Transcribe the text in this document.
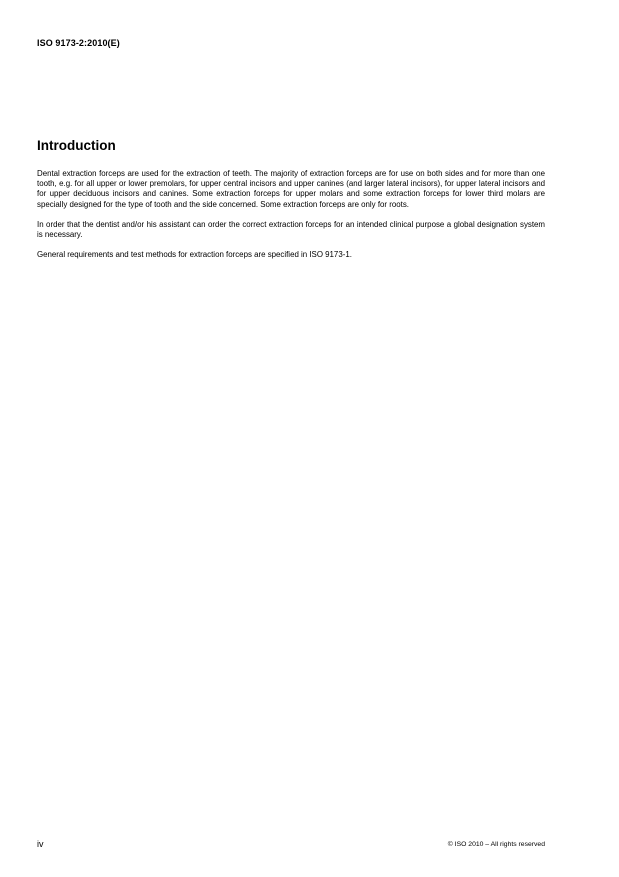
ISO 9173-2:2010(E)
Introduction

Dental extraction forceps are used for the extraction of teeth. The majority of extraction forceps are for use on both sides and for more than one tooth, e.g. for all upper or lower premolars, for upper central incisors and upper canines (and larger lateral incisors), for upper lateral incisors and for upper deciduous incisors and canines. Some extraction forceps for upper molars and some extraction forceps for lower third molars are specially designed for the type of tooth and the side concerned. Some extraction forceps are only for roots.

In order that the dentist and/or his assistant can order the correct extraction forceps for an intended clinical purpose a global designation system is necessary.

General requirements and test methods for extraction forceps are specified in ISO 9173-1.

iv	© ISO 2010 – All rights reserved
